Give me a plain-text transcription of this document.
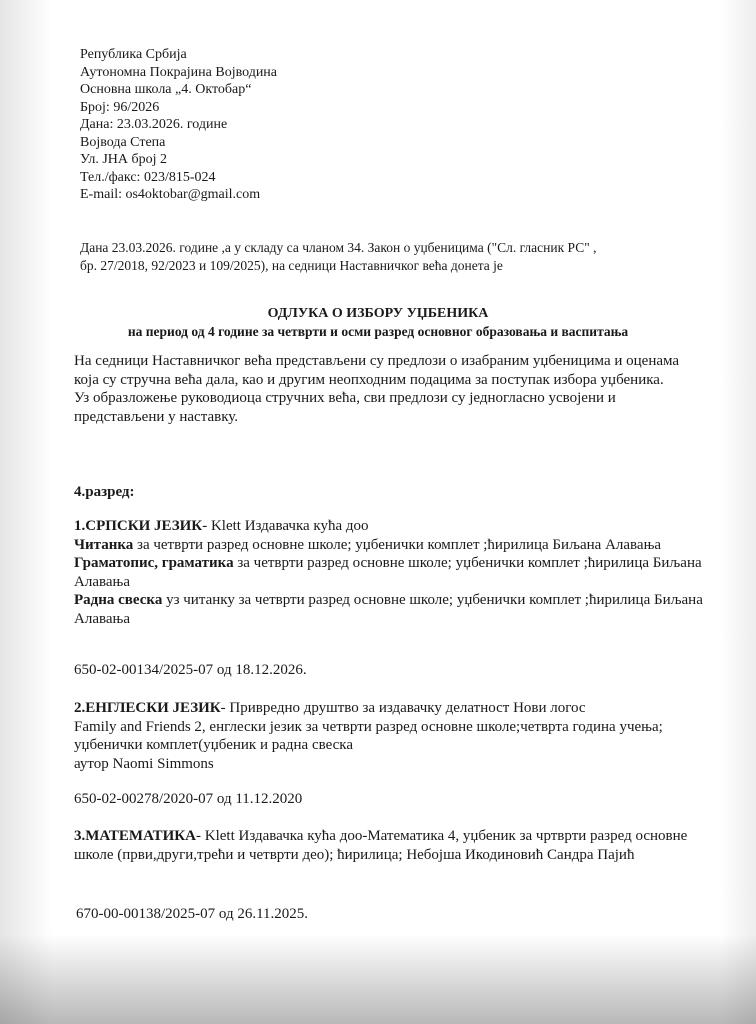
Република Србија
Аутономна Покрајина Војводина
Основна школа „4. Октобар“
Број: 96/2026
Дана: 23.03.2026. године
Војвода Степа
Ул. ЈНА број 2
Тел./факс: 023/815-024
E-mail: os4oktobar@gmail.com
Дана 23.03.2026. године ,а у складу са чланом 34. Закон о уџбеницима ("Сл. гласник РС" ,
бр. 27/2018, 92/2023 и 109/2025), на седници Наставничког већа донета је
ОДЛУКА О ИЗБОРУ УЏБЕНИКА
на период од 4 године за четврти и осми разред основног образовања и васпитања
На седници Наставничког већа представљени су предлози о изабраним уџбеницима и оценама која су стручна већа дала, као и другим неопходним подацима за поступак избора уџбеника.
Уз образложење руководиоца стручних већа, сви предлози су једногласно усвојени и представљени у наставку.
4.разред:
1.СРПСКИ ЈЕЗИК- Klett Издавачка кућа доо
Читанка за четврти разред основне школе; уџбенички комплет ;ћирилица Биљана Алавања
Граматопис, граматика за четврти разред основне школе; уџбенички комплет ;ћирилица Биљана Алавања
Радна свеска уз читанку за четврти разред основне школе; уџбенички комплет ;ћирилица Биљана Алавања
650-02-00134/2025-07 од 18.12.2026.
2.ЕНГЛЕСКИ ЈЕЗИК- Привредно друштво за издавачку делатност Нови логос
Family and Friends 2, енглески језик за четврти разред основне школе;четврта година учења; уџбенички комплет(уџбеник и радна свеска
аутор Naomi Simmons
650-02-00278/2020-07 од 11.12.2020
3.МАТЕМАТИКА- Klett Издавачка кућа доо-Математика 4, уџбеник за чртврти разред основне школе (први,други,трећи и четврти део); ћирилица; Небојша Икодиновић Сандра Пајић
670-00-00138/2025-07 од 26.11.2025.
